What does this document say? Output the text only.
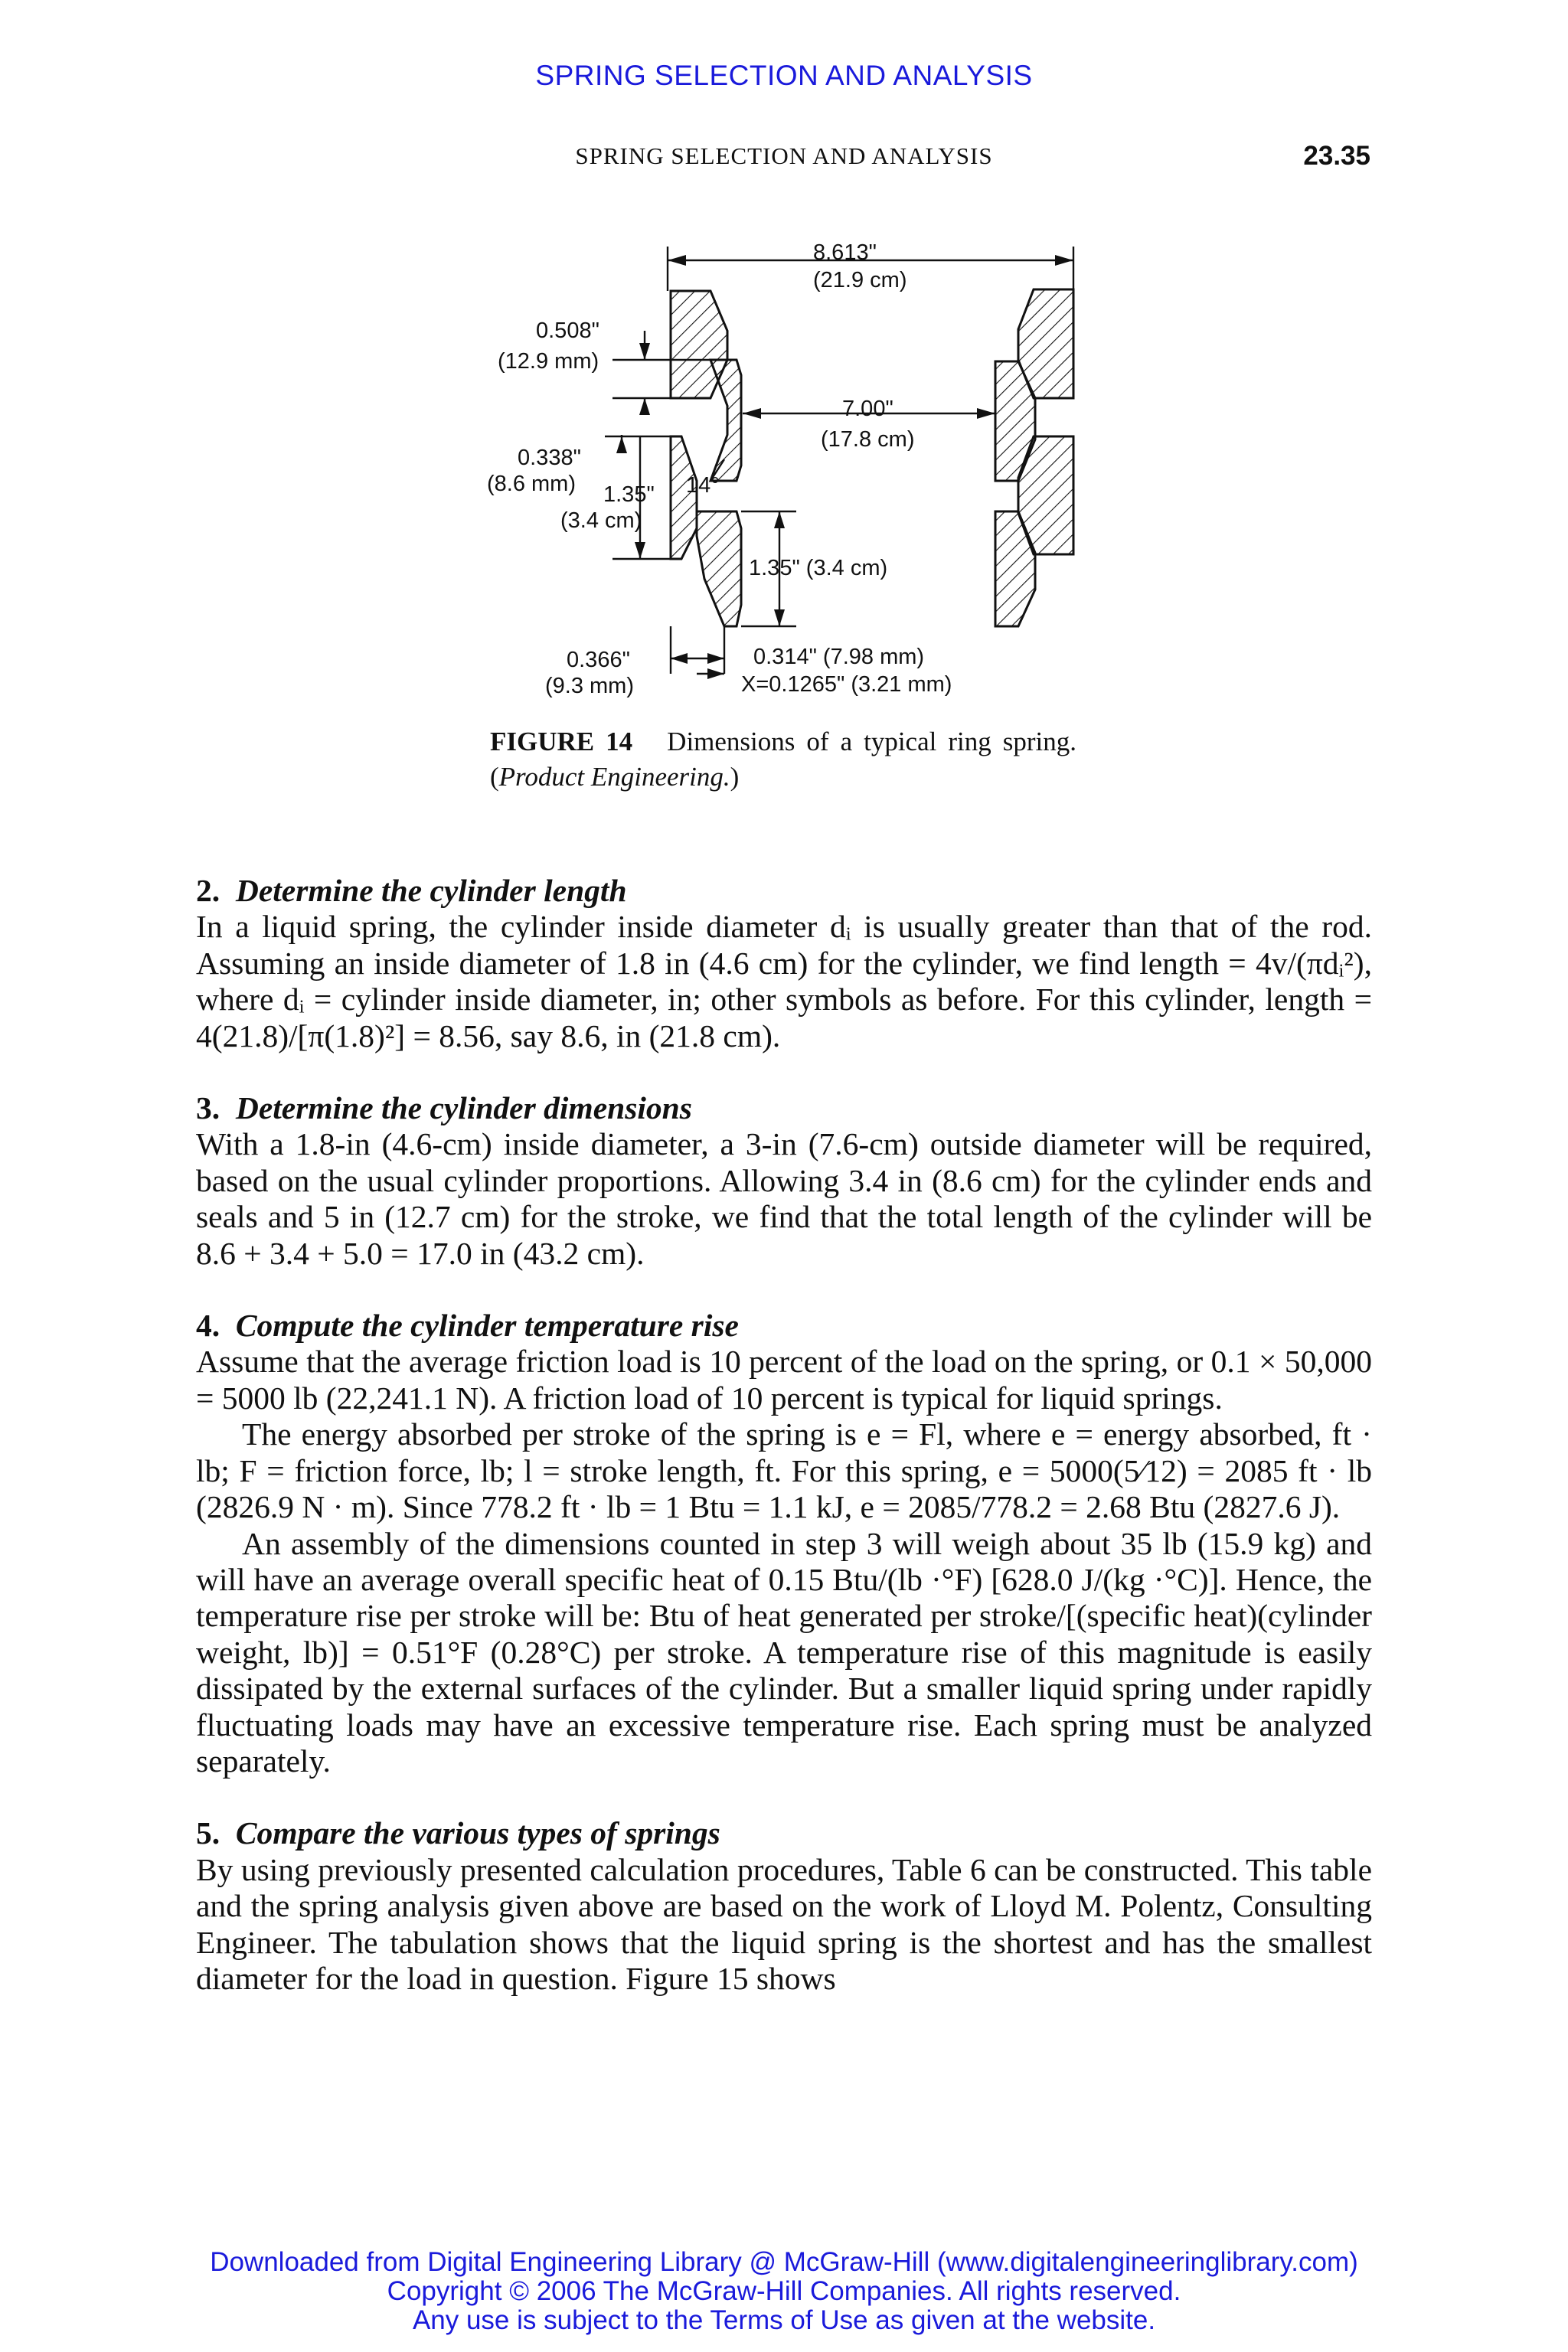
SPRING SELECTION AND ANALYSIS
SPRING SELECTION AND ANALYSIS	23.35
8.613"
(21.9 cm)
0.508"
(12.9 mm)
7.00"
(17.8 cm)
0.338"
(8.6 mm) 1.35"
(3.4 cm)
14°
1.35" (3.4 cm)
0.366"
(9.3 mm)
0.314" (7.98 mm)
X=0.1265" (3.21 mm)
FIGURE 14 Dimensions of a typical ring spring. (Product Engineering.)

2. Determine the cylinder length

In a liquid spring, the cylinder inside diameter dᵢ is usually greater than that of the rod. Assuming an inside diameter of 1.8 in (4.6 cm) for the cylinder, we find length = 4v/(πdᵢ²), where dᵢ = cylinder inside diameter, in; other symbols as before. For this cylinder, length = 4(21.8)/[π(1.8)²] = 8.56, say 8.6, in (21.8 cm).

3. Determine the cylinder dimensions

With a 1.8-in (4.6-cm) inside diameter, a 3-in (7.6-cm) outside diameter will be required, based on the usual cylinder proportions. Allowing 3.4 in (8.6 cm) for the cylinder ends and seals and 5 in (12.7 cm) for the stroke, we find that the total length of the cylinder will be 8.6 + 3.4 + 5.0 = 17.0 in (43.2 cm).

4. Compute the cylinder temperature rise

Assume that the average friction load is 10 percent of the load on the spring, or 0.1 × 50,000 = 5000 lb (22,241.1 N). A friction load of 10 percent is typical for liquid springs.

The energy absorbed per stroke of the spring is e = Fl, where e = energy absorbed, ft · lb; F = friction force, lb; l = stroke length, ft. For this spring, e = 5000(5⁄12) = 2085 ft · lb (2826.9 N · m). Since 778.2 ft · lb = 1 Btu = 1.1 kJ, e = 2085/778.2 = 2.68 Btu (2827.6 J).

An assembly of the dimensions counted in step 3 will weigh about 35 lb (15.9 kg) and will have an average overall specific heat of 0.15 Btu/(lb ·°F) [628.0 J/(kg ·°C)]. Hence, the temperature rise per stroke will be: Btu of heat generated per stroke/[(specific heat)(cylinder weight, lb)] = 0.51°F (0.28°C) per stroke. A temperature rise of this magnitude is easily dissipated by the external surfaces of the cylinder. But a smaller liquid spring under rapidly fluctuating loads may have an excessive temperature rise. Each spring must be analyzed separately.

5. Compare the various types of springs

By using previously presented calculation procedures, Table 6 can be constructed. This table and the spring analysis given above are based on the work of Lloyd M. Polentz, Consulting Engineer. The tabulation shows that the liquid spring is the shortest and has the smallest diameter for the load in question. Figure 15 shows

Downloaded from Digital Engineering Library @ McGraw-Hill (www.digitalengineeringlibrary.com)
Copyright © 2006 The McGraw-Hill Companies. All rights reserved.
Any use is subject to the Terms of Use as given at the website.
